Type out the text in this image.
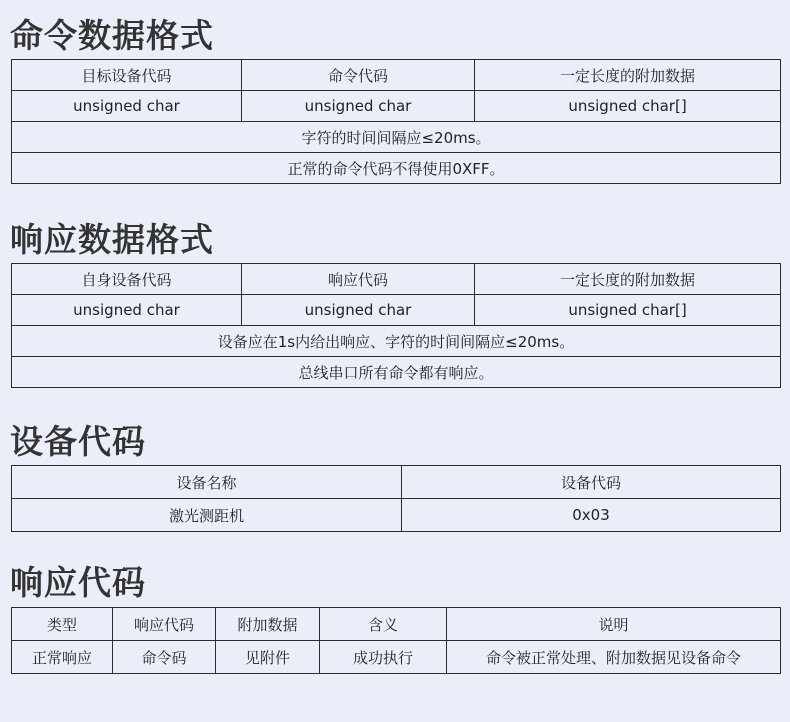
命令数据格式
目标设备代码	命令代码	一定长度的附加数据
unsigned char	unsigned char	unsigned char[]
字符的时间间隔应≤20ms。		
正常的命令代码不得使用0XFF。		
响应数据格式
自身设备代码	响应代码	一定长度的附加数据
unsigned char	unsigned char	unsigned char[]
设备应在1s内给出响应、字符的时间间隔应≤20ms。		
总线串口所有命令都有响应。		
设备代码
设备名称	设备代码
激光测距机	0x03
响应代码
类型	响应代码	附加数据	含义	说明
正常响应	命令码	见附件	成功执行	命令被正常处理、附加数据见设备命令
